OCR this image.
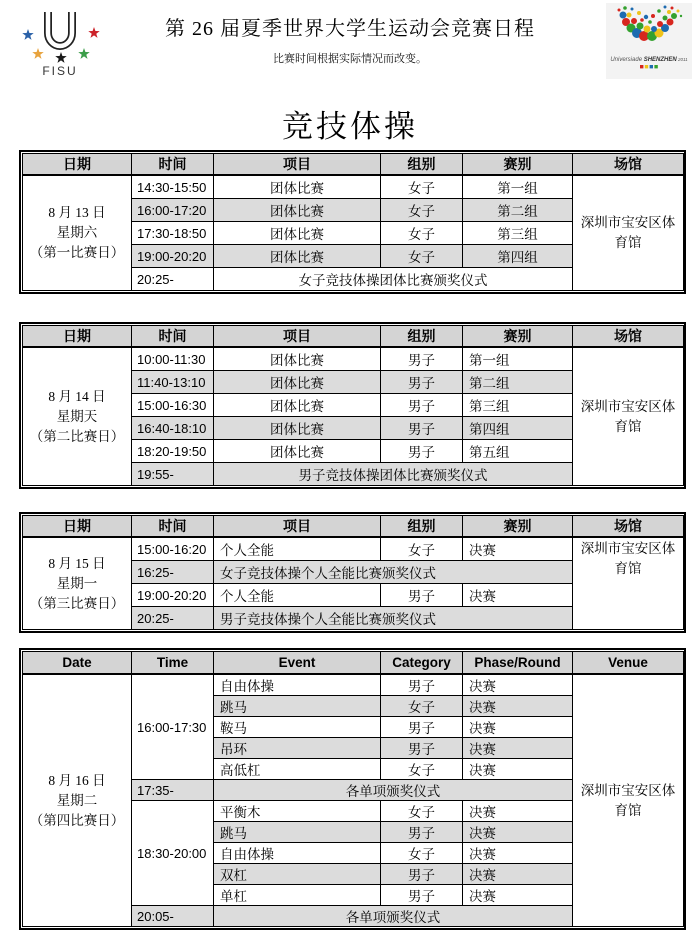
FISU
第 26 届夏季世界大学生运动会竞赛日程
比赛时间根据实际情况而改变。	Universiade SHENZHEN 2011
竞技体操
日期	时间	项目	组别	赛别	场馆
8 月 13 日
星期六
（第一比赛日）	14:30-15:50	团体比赛	女子	第一组	深圳市宝安区体育馆
	16:00-17:20	团体比赛	女子	第二组	
	17:30-18:50	团体比赛	女子	第三组	
	19:00-20:20	团体比赛	女子	第四组	
	20:25-	女子竞技体操团体比赛颁奖仪式			
日期	时间	项目	组别	赛别	场馆
8 月 14 日
星期天
（第二比赛日）	10:00-11:30	团体比赛	男子	第一组	深圳市宝安区体育馆
	11:40-13:10	团体比赛	男子	第二组	
	15:00-16:30	团体比赛	男子	第三组	
	16:40-18:10	团体比赛	男子	第四组	
	18:20-19:50	团体比赛	男子	第五组	
	19:55-	男子竞技体操团体比赛颁奖仪式			
日期	时间	项目	组别	赛别	场馆
8 月 15 日
星期一
（第三比赛日）	15:00-16:20	个人全能	女子	决赛	深圳市宝安区体育馆
	16:25-	女子竞技体操个人全能比赛颁奖仪式			
	19:00-20:20	个人全能	男子	决赛	
	20:25-	男子竞技体操个人全能比赛颁奖仪式			
Date	Time	Event	Category	Phase/Round	Venue
8 月 16 日
星期二
（第四比赛日）	16:00-17:30	自由体操	男子	决赛	深圳市宝安区体育馆
		跳马	女子	决赛	
		鞍马	男子	决赛	
		吊环	男子	决赛	
		高低杠	女子	决赛	
	17:35-	各单项颁奖仪式			
	18:30-20:00	平衡木	女子	决赛	
		跳马	男子	决赛	
		自由体操	女子	决赛	
		双杠	男子	决赛	
		单杠	男子	决赛	
	20:05-	各单项颁奖仪式			
